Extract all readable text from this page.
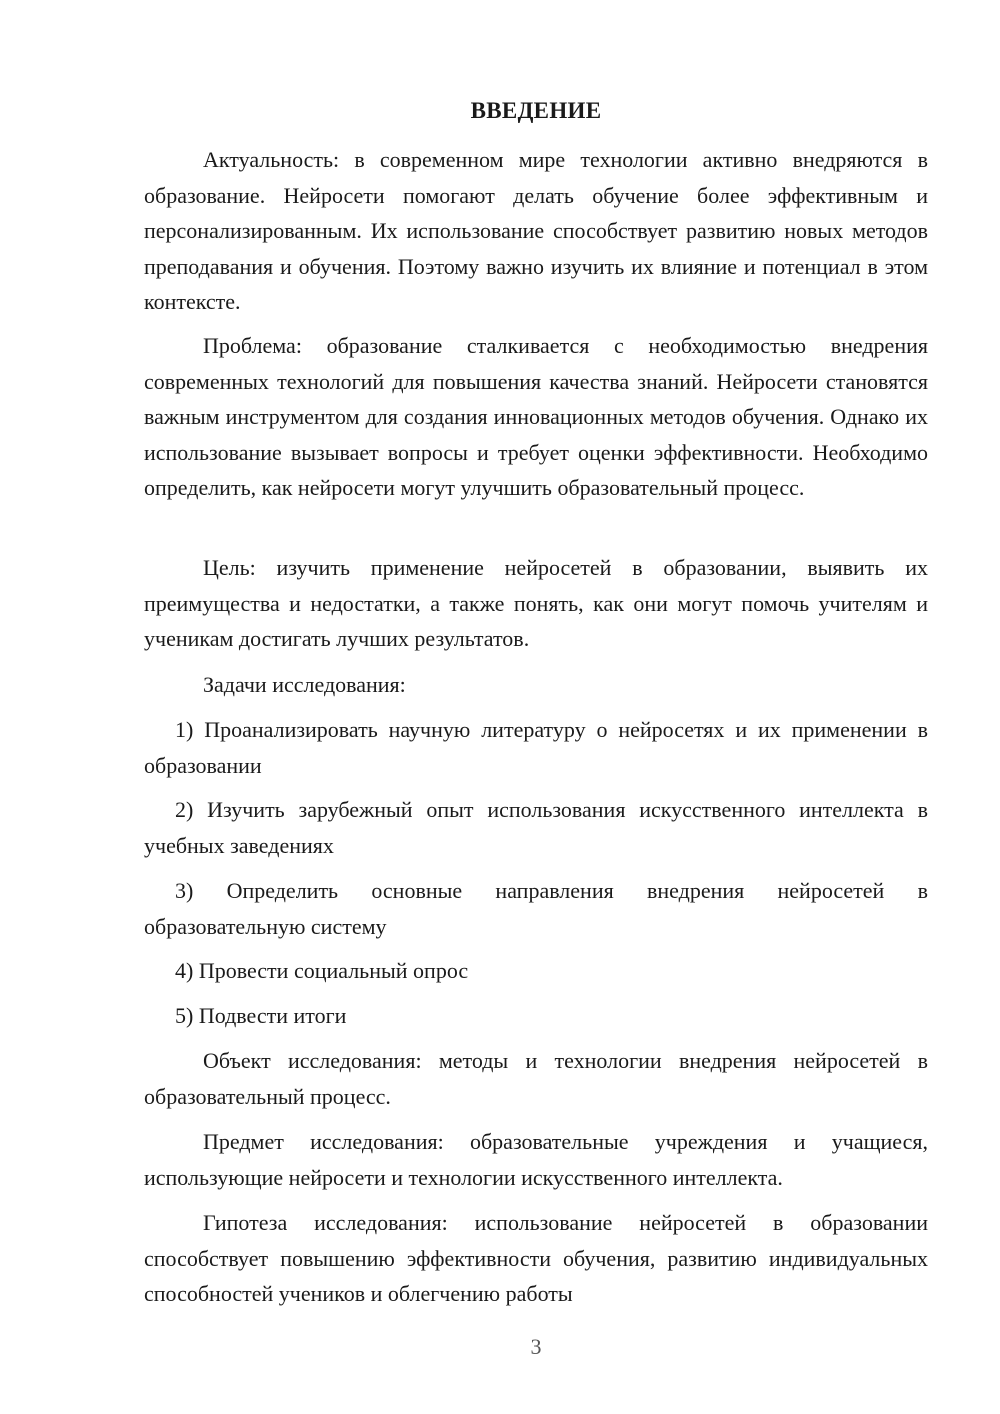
ВВЕДЕНИЕ
Актуальность: в современном мире технологии активно внедряются в образование. Нейросети помогают делать обучение более эффективным и персонализированным. Их использование способствует развитию новых методов преподавания и обучения. Поэтому важно изучить их влияние и потенциал в этом контексте.
Проблема: образование сталкивается с необходимостью внедрения современных технологий для повышения качества знаний. Нейросети становятся важным инструментом для создания инновационных методов обучения. Однако их использование вызывает вопросы и требует оценки эффективности. Необходимо определить, как нейросети могут улучшить образовательный процесс.
Цель: изучить применение нейросетей в образовании, выявить их преимущества и недостатки, а также понять, как они могут помочь учителям и ученикам достигать лучших результатов.
Задачи исследования:
1) Проанализировать научную литературу о нейросетях и их применении в образовании
2) Изучить зарубежный опыт использования искусственного интеллекта в учебных заведениях
3) Определить основные направления внедрения нейросетей в образовательную систему
4) Провести социальный опрос
5) Подвести итоги
Объект исследования: методы и технологии внедрения нейросетей в образовательный процесс.
Предмет исследования: образовательные учреждения и учащиеся, использующие нейросети и технологии искусственного интеллекта.
Гипотеза исследования: использование нейросетей в образовании способствует повышению эффективности обучения, развитию индивидуальных способностей учеников и облегчению работы
3
